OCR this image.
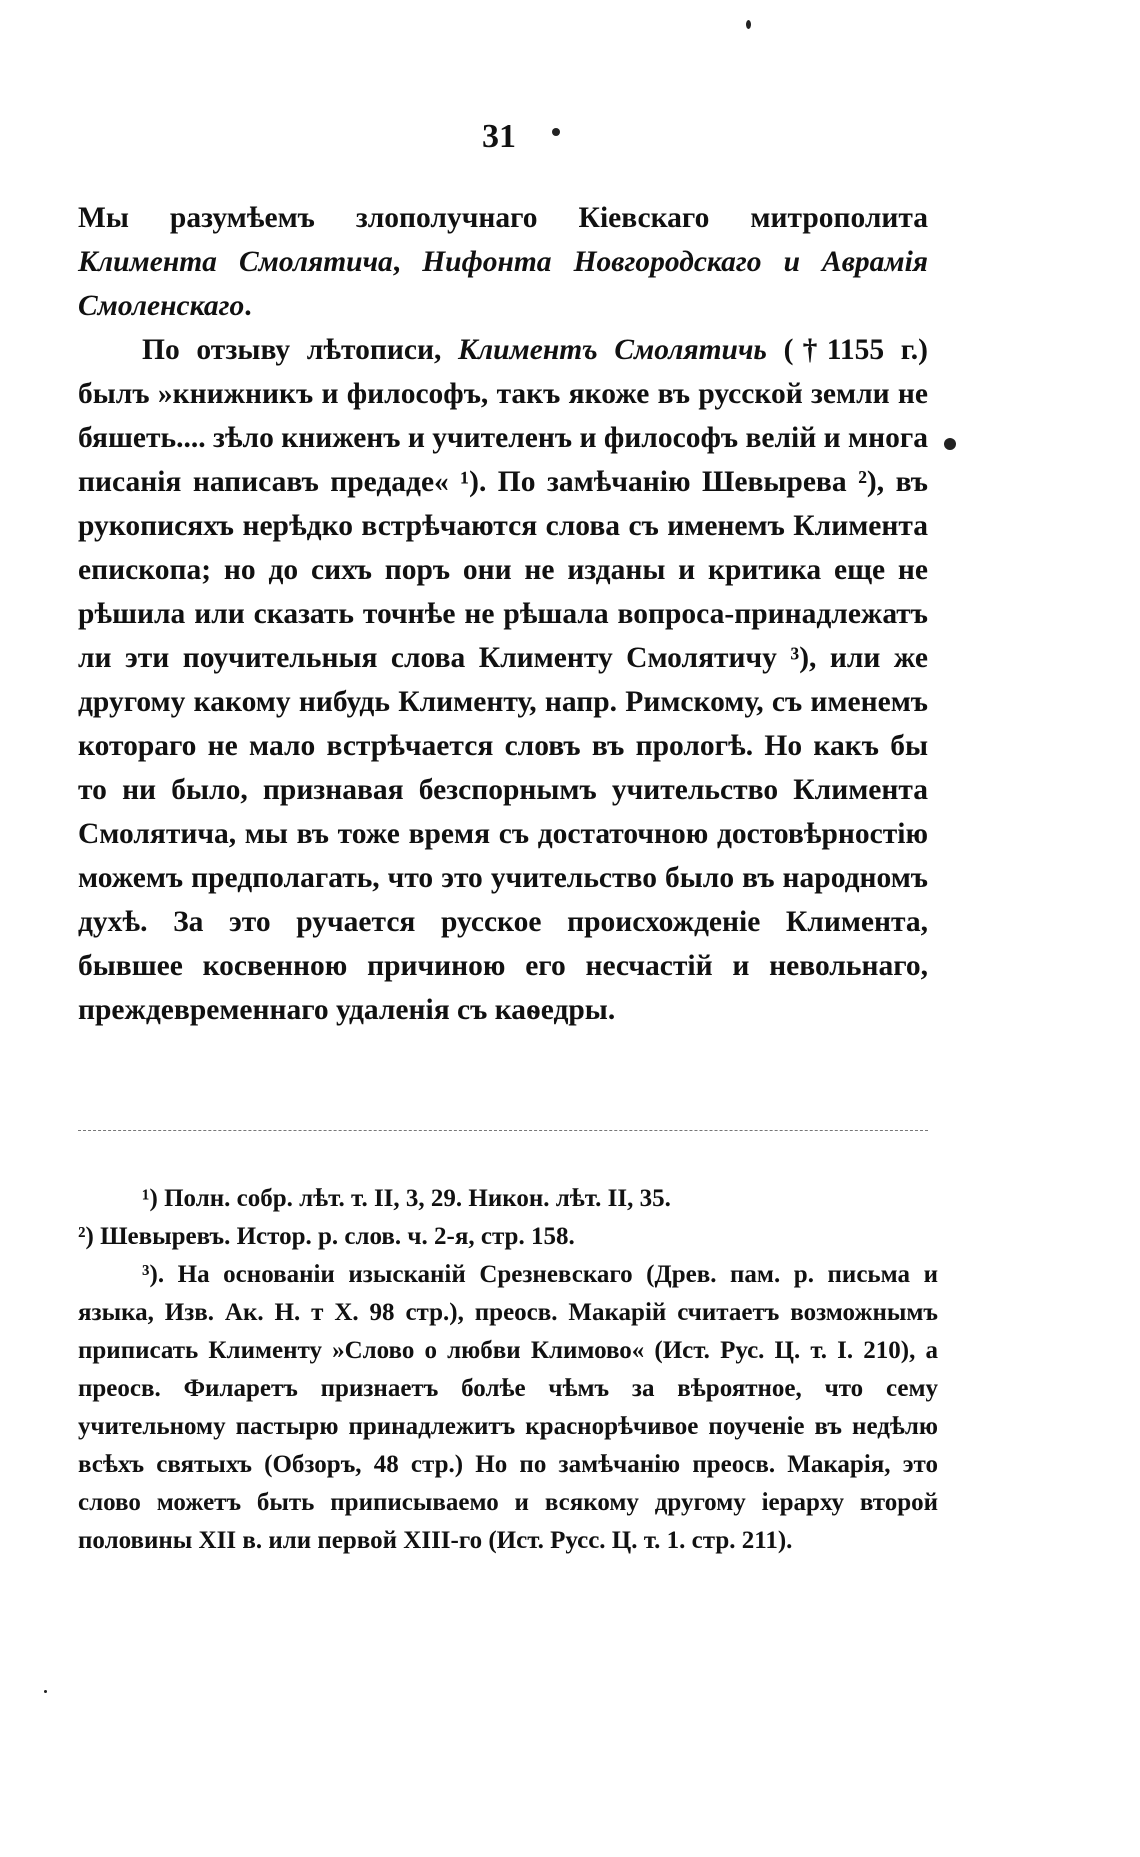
31

Мы разумѣемъ злополучнаго Кіевскаго митрополита Климента Смолятича, Нифонта Новгородскаго и Аврамія Смоленскаго.

По отзыву лѣтописи, Климентъ Смолятичь (†1155 г.) былъ »книжникъ и философъ, такъ якоже въ русской земли не бяшеть.... зѣло книженъ и учителенъ и философъ велій и многа писанія написавъ предаде« ¹). По замѣчанію Шевырева ²), въ рукописяхъ нерѣдко встрѣчаются слова съ именемъ Климента епископа; но до сихъ поръ они не изданы и критика еще не рѣшила или сказать точнѣе не рѣшала вопроса-принадлежатъ ли эти поучительныя слова Клименту Смолятичу ³), или же другому какому нибудь Клименту, напр. Римскому, съ именемъ котораго не мало встрѣчается словъ въ прологѣ. Но какъ бы то ни было, признавая безспорнымъ учительство Климента Смолятича, мы въ тоже время съ достаточною достовѣрностію можемъ предполагать, что это учительство было въ народномъ духѣ. За это ручается русское происхожденіе Климента, бывшее косвенною причиною его несчастій и невольнаго, преждевременнаго удаленія съ каѳедры.

¹) Полн. собр. лѣт. т. II, 3, 29. Никон. лѣт. II, 35.

²) Шевыревъ. Истор. р. слов. ч. 2-я, стр. 158.

³). На основаніи изысканій Срезневскаго (Древ. пам. р. письма и языка, Изв. Ак. Н. т X. 98 стр.), преосв. Макарій считаетъ возможнымъ приписать Клименту »Слово о любви Климово« (Ист. Рус. Ц. т. I. 210), а преосв. Филаретъ признаетъ болѣе чѣмъ за вѣроятное, что сему учительному пастырю принадлежитъ краснорѣчивое поученіе въ недѣлю всѣхъ святыхъ (Обзоръ, 48 стр.) Но по замѣчанію преосв. Макарія, это слово можетъ быть приписываемо и всякому другому іерарху второй половины XII в. или первой XIII-го (Ист. Русс. Ц. т. 1. стр. 211).
